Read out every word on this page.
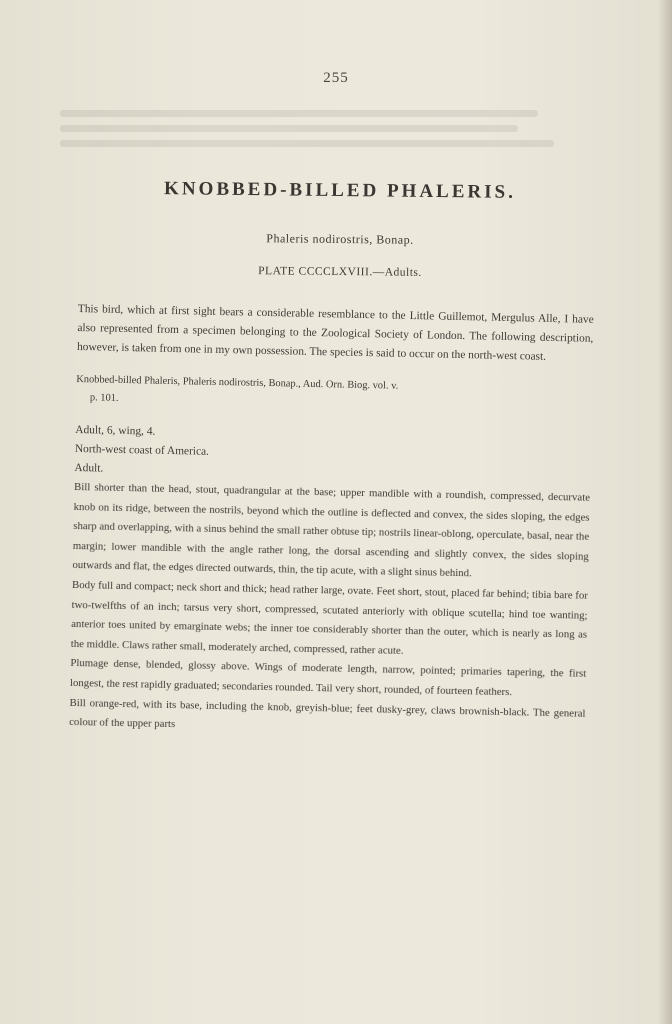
255
KNOBBED-BILLED PHALERIS.
Phaleris nodirostris, Bonap.
PLATE CCCCLXVIII.—Adults.

This bird, which at first sight bears a considerable resemblance to the Little Guillemot, Mergulus Alle, I have also represented from a specimen belonging to the Zoological Society of London. The following description, however, is taken from one in my own possession. The species is said to occur on the north-west coast.

Knobbed-billed Phaleris, Phaleris nodirostris, Bonap., Aud. Orn. Biog. vol. v.
p. 101.

Adult, 6, wing, 4.

North-west coast of America.

Adult.

Bill shorter than the head, stout, quadrangular at the base; upper mandible with a roundish, compressed, decurvate knob on its ridge, between the nostrils, beyond which the outline is deflected and convex, the sides sloping, the edges sharp and overlapping, with a sinus behind the small rather obtuse tip; nostrils linear-oblong, operculate, basal, near the margin; lower mandible with the angle rather long, the dorsal ascending and slightly convex, the sides sloping outwards and flat, the edges directed outwards, thin, the tip acute, with a slight sinus behind.

Body full and compact; neck short and thick; head rather large, ovate. Feet short, stout, placed far behind; tibia bare for two-twelfths of an inch; tarsus very short, compressed, scutated anteriorly with oblique scutella; hind toe wanting; anterior toes united by emarginate webs; the inner toe considerably shorter than the outer, which is nearly as long as the middle. Claws rather small, moderately arched, compressed, rather acute.

Plumage dense, blended, glossy above. Wings of moderate length, narrow, pointed; primaries tapering, the first longest, the rest rapidly graduated; secondaries rounded. Tail very short, rounded, of fourteen feathers.

Bill orange-red, with its base, including the knob, greyish-blue; feet dusky-grey, claws brownish-black. The general colour of the upper parts
